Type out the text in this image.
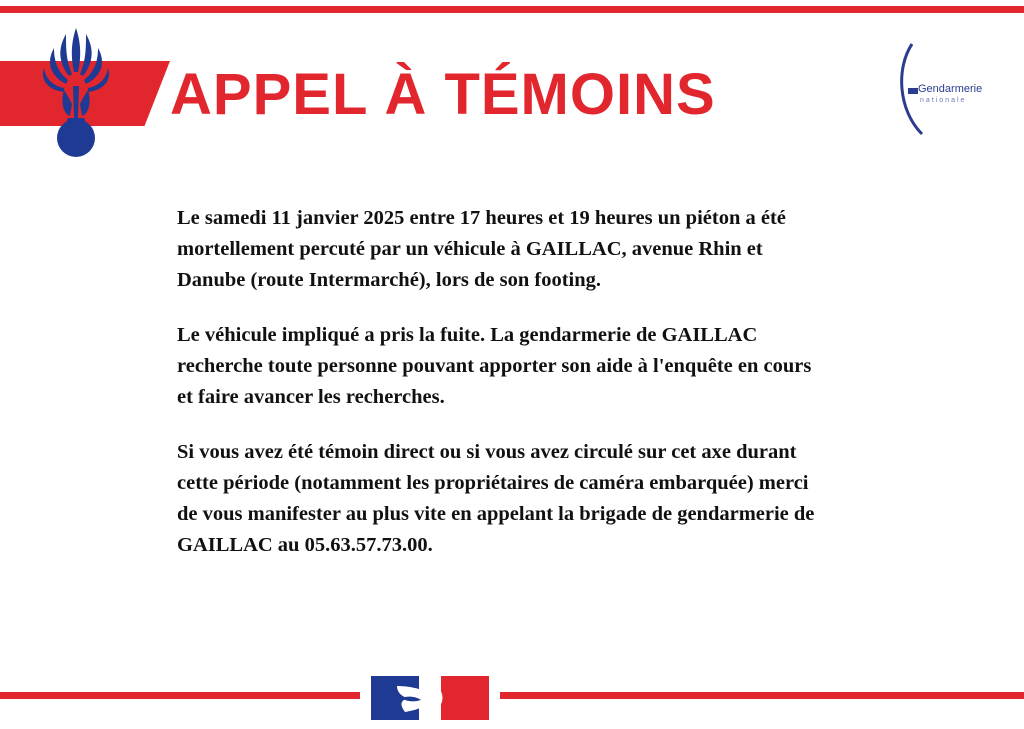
APPEL À TÉMOINS	Gendarmerie
nationale

Le samedi 11 janvier 2025 entre 17 heures et 19 heures un piéton a été
mortellement percuté par un véhicule à GAILLAC, avenue Rhin et
Danube (route Intermarché), lors de son footing.

Le véhicule impliqué a pris la fuite. La gendarmerie de GAILLAC
recherche toute personne pouvant apporter son aide à l'enquête en cours
et faire avancer les recherches.

Si vous avez été témoin direct ou si vous avez circulé sur cet axe durant
cette période (notamment les propriétaires de caméra embarquée) merci
de vous manifester au plus vite en appelant la brigade de gendarmerie de
GAILLAC au 05.63.57.73.00.
